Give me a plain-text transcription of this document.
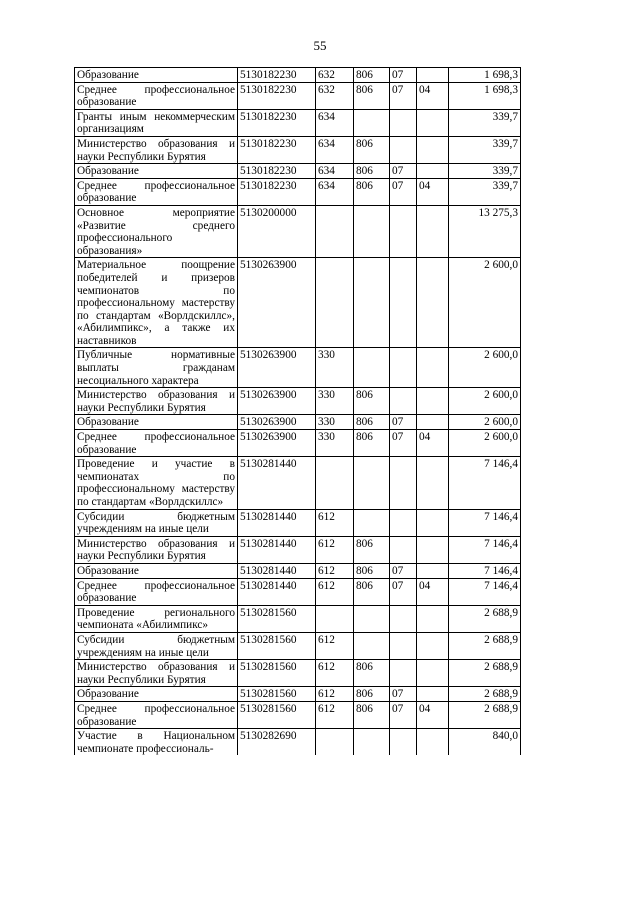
55
Образование	5130182230	632	806	07		1 698,3
Среднее профессиональное образование	5130182230	632	806	07	04	1 698,3
Гранты иным некоммерческим организациям	5130182230	634				339,7
Министерство образования и науки Республики Бурятия	5130182230	634	806			339,7
Образование	5130182230	634	806	07		339,7
Среднее профессиональное образование	5130182230	634	806	07	04	339,7
Основное мероприятие «Развитие среднего профессионального образования»	5130200000					13 275,3
Материальное поощрение победителей и призеров чемпионатов по профессиональному мастерству по стандартам «Ворлдскиллс», «Абилимпикс», а также их наставников	5130263900					2 600,0
Публичные нормативные выплаты гражданам несоциального характера	5130263900	330				2 600,0
Министерство образования и науки Республики Бурятия	5130263900	330	806			2 600,0
Образование	5130263900	330	806	07		2 600,0
Среднее профессиональное образование	5130263900	330	806	07	04	2 600,0
Проведение и участие в чемпионатах по профессиональному мастерству по стандартам «Ворлдскиллс»	5130281440					7 146,4
Субсидии бюджетным учреждениям на иные цели	5130281440	612				7 146,4
Министерство образования и науки Республики Бурятия	5130281440	612	806			7 146,4
Образование	5130281440	612	806	07		7 146,4
Среднее профессиональное образование	5130281440	612	806	07	04	7 146,4
Проведение регионального чемпионата «Абилимпикс»	5130281560					2 688,9
Субсидии бюджетным учреждениям на иные цели	5130281560	612				2 688,9
Министерство образования и науки Республики Бурятия	5130281560	612	806			2 688,9
Образование	5130281560	612	806	07		2 688,9
Среднее профессиональное образование	5130281560	612	806	07	04	2 688,9
Участие в Национальном чемпионате профессиональ-	5130282690					840,0
